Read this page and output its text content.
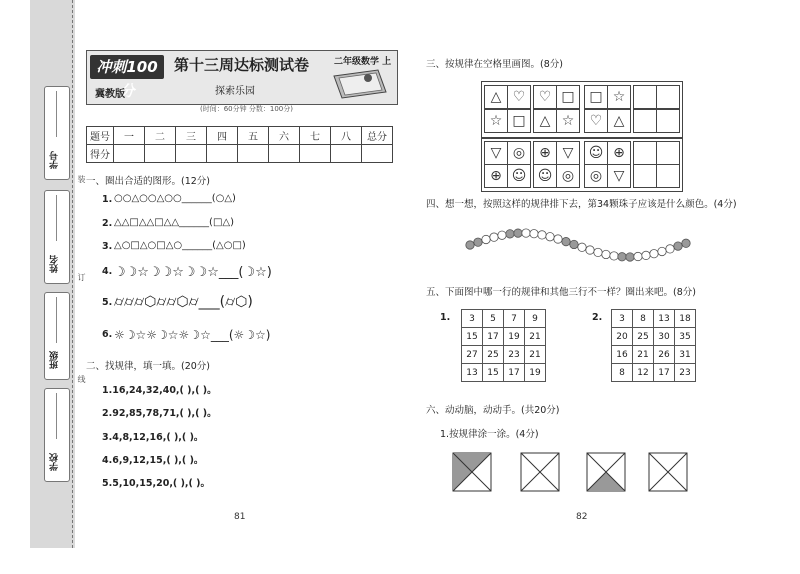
学号
姓名
班级
学校
装
订
线
冲刺100分
冀教版
第十三周达标测试卷	二年级数学 上
探索乐园
(时间：60分钟 分数：100分)
题号	一	二	三	四	五	六	七	八	总分
得分									
一、圈出合适的图形。(12分)
1. ○○△○○△○○______(○△)
2. △△□△△□△△______(□△)
3. △○□△○□△○______(△○□)
4. ☽☽☆☽☽☆☽☽☆___(☽☆)
5. ⌭⌭⌭⬡⌭⌭⬡⌭___(⌭⬡)
6. ☼☽☆☼☽☆☼☽☆___(☼☽☆)
二、找规律，填一填。(20分)
1.16,24,32,40,( ),( )。
2.92,85,78,71,( ),( )。
3.4,8,12,16,( ),( )。
4.6,9,12,15,( ),( )。
5.5,10,15,20,( ),( )。
81
三、按规律在空格里画图。(8分)
△ ♡ ♡ □	□ ☆
☆ □	△ ☆	♡ △
▽ ◎	⊕ ▽	☺ ⊕
⊕ ☺ ☺ ◎	◎ ▽
四、想一想，按照这样的规律排下去，第34颗珠子应该是什么颜色。(4分)
五、下面图中哪一行的规律和其他三行不一样？圈出来吧。(8分)
1. 3	5	7	9
15	17	19	21
27	25	23	21
13	15	17	19
2. 3	8	13	18
20	25	30	35
16	21	26	31
8	12	17	23
六、动动脑，动动手。(共20分)
1.按规律涂一涂。(4分)
82
